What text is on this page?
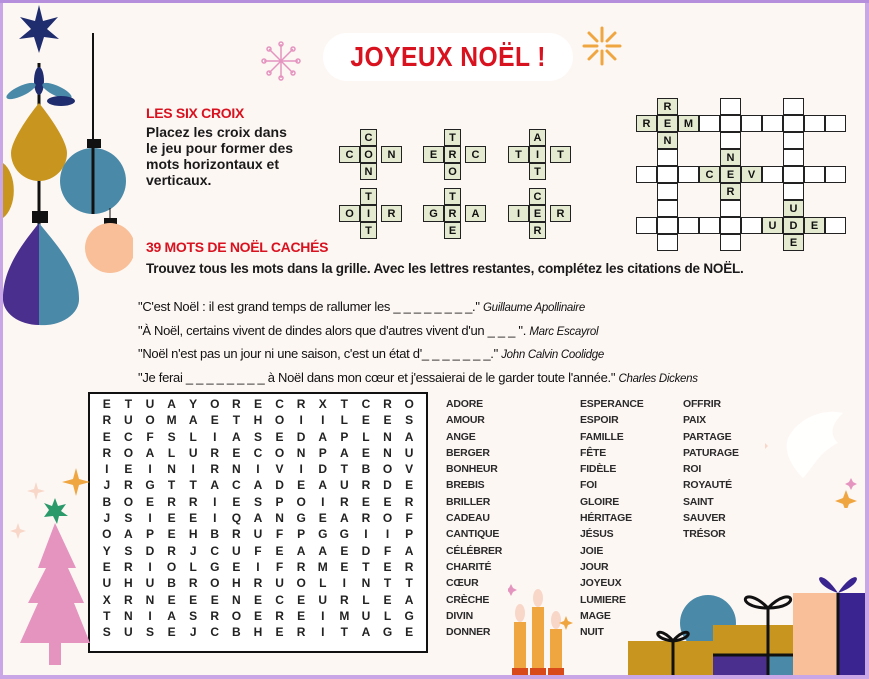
JOYEUX NOËL !
LES SIX CROIX
Placez les croix dans
le jeu pour former des
mots horizontaux et
verticaux.
C
C O	N
N
T
E	R	C
O
A
T	I	T
T
T
O	I	R
T
T
G R	A
E
C
I	E	R
R
R	E	M
C	E	V
U	D	E
R
N
N
R
U
E
39 MOTS DE NOËL CACHÉS
Trouvez tous les mots dans la grille. Avec les lettres restantes, complétez les citations de NOËL.
"C'est Noël : il est grand temps de rallumer les _ _ _ _ _ _ _ _." Guillaume Apollinaire
"À Noël, certains vivent de dindes alors que d'autres vivent d'un _ _ _ ". Marc Escayrol
"Noël n'est pas un jour ni une saison, c'est un état d'_ _ _ _ _ _ _." John Calvin Coolidge
"Je ferai _ _ _ _ _ _ _ _ à Noël dans mon cœur et j'essaierai de le garder toute l'année." Charles Dickens
E	T	U	A	Y	O	R	E	C	R	X	T	C	R	O
R	U	O M	A	E	T	H	O	I	I	L	E	E	S
E	C	F	S	L	I	A	S	E	D	A	P	L	N	A
R	O	A	L	U	R	E	C	O	N	P	A	E	N	U
I	E	I	N	I	R	N	I	V	I	D	T	B	O	V
J	R	G	T	T	A	C	A	D	E	A	U	R	D	E
B	O	E	R	R	I	E	S	P	O	I	R	E	E	R
J	S	I	E	E	I	Q	A	N	G	E	A	R	O	F
O	A	P	E	H	B	R	U	F	P	G	G	I	I	P
Y	S	D	R	J	C	U	F	E	A	A	E	D	F	A
E	R	I	O	L	G	E	I	F	R	M	E	T	E	R
U	H	U	B	R	O	H	R	U	O	L	I	N	T	T
X	R	N	E	E	E	N	E	C	E	U	R	L	E	A
T	N	I	A	S	R	O	E	R	E	I	M	U	L	G
S	U	S	E	J	C	B	H	E	R	I	T	A	G	E
ADORE
AMOUR
ANGE
BERGER
BONHEUR
BREBIS
BRILLER
CADEAU
CANTIQUE
CÉLÉBRER
CHARITÉ
CŒUR
CRÈCHE
DIVIN
DONNER
ESPERANCE
ESPOIR
FAMILLE
FÊTE
FIDÈLE
FOI
GLOIRE
HÉRITAGE
JÉSUS
JOIE
JOUR
JOYEUX
LUMIERE
MAGE
NUIT
OFFRIR
PAIX
PARTAGE
PATURAGE
ROI
ROYAUTÉ
SAINT
SAUVER
TRÉSOR
